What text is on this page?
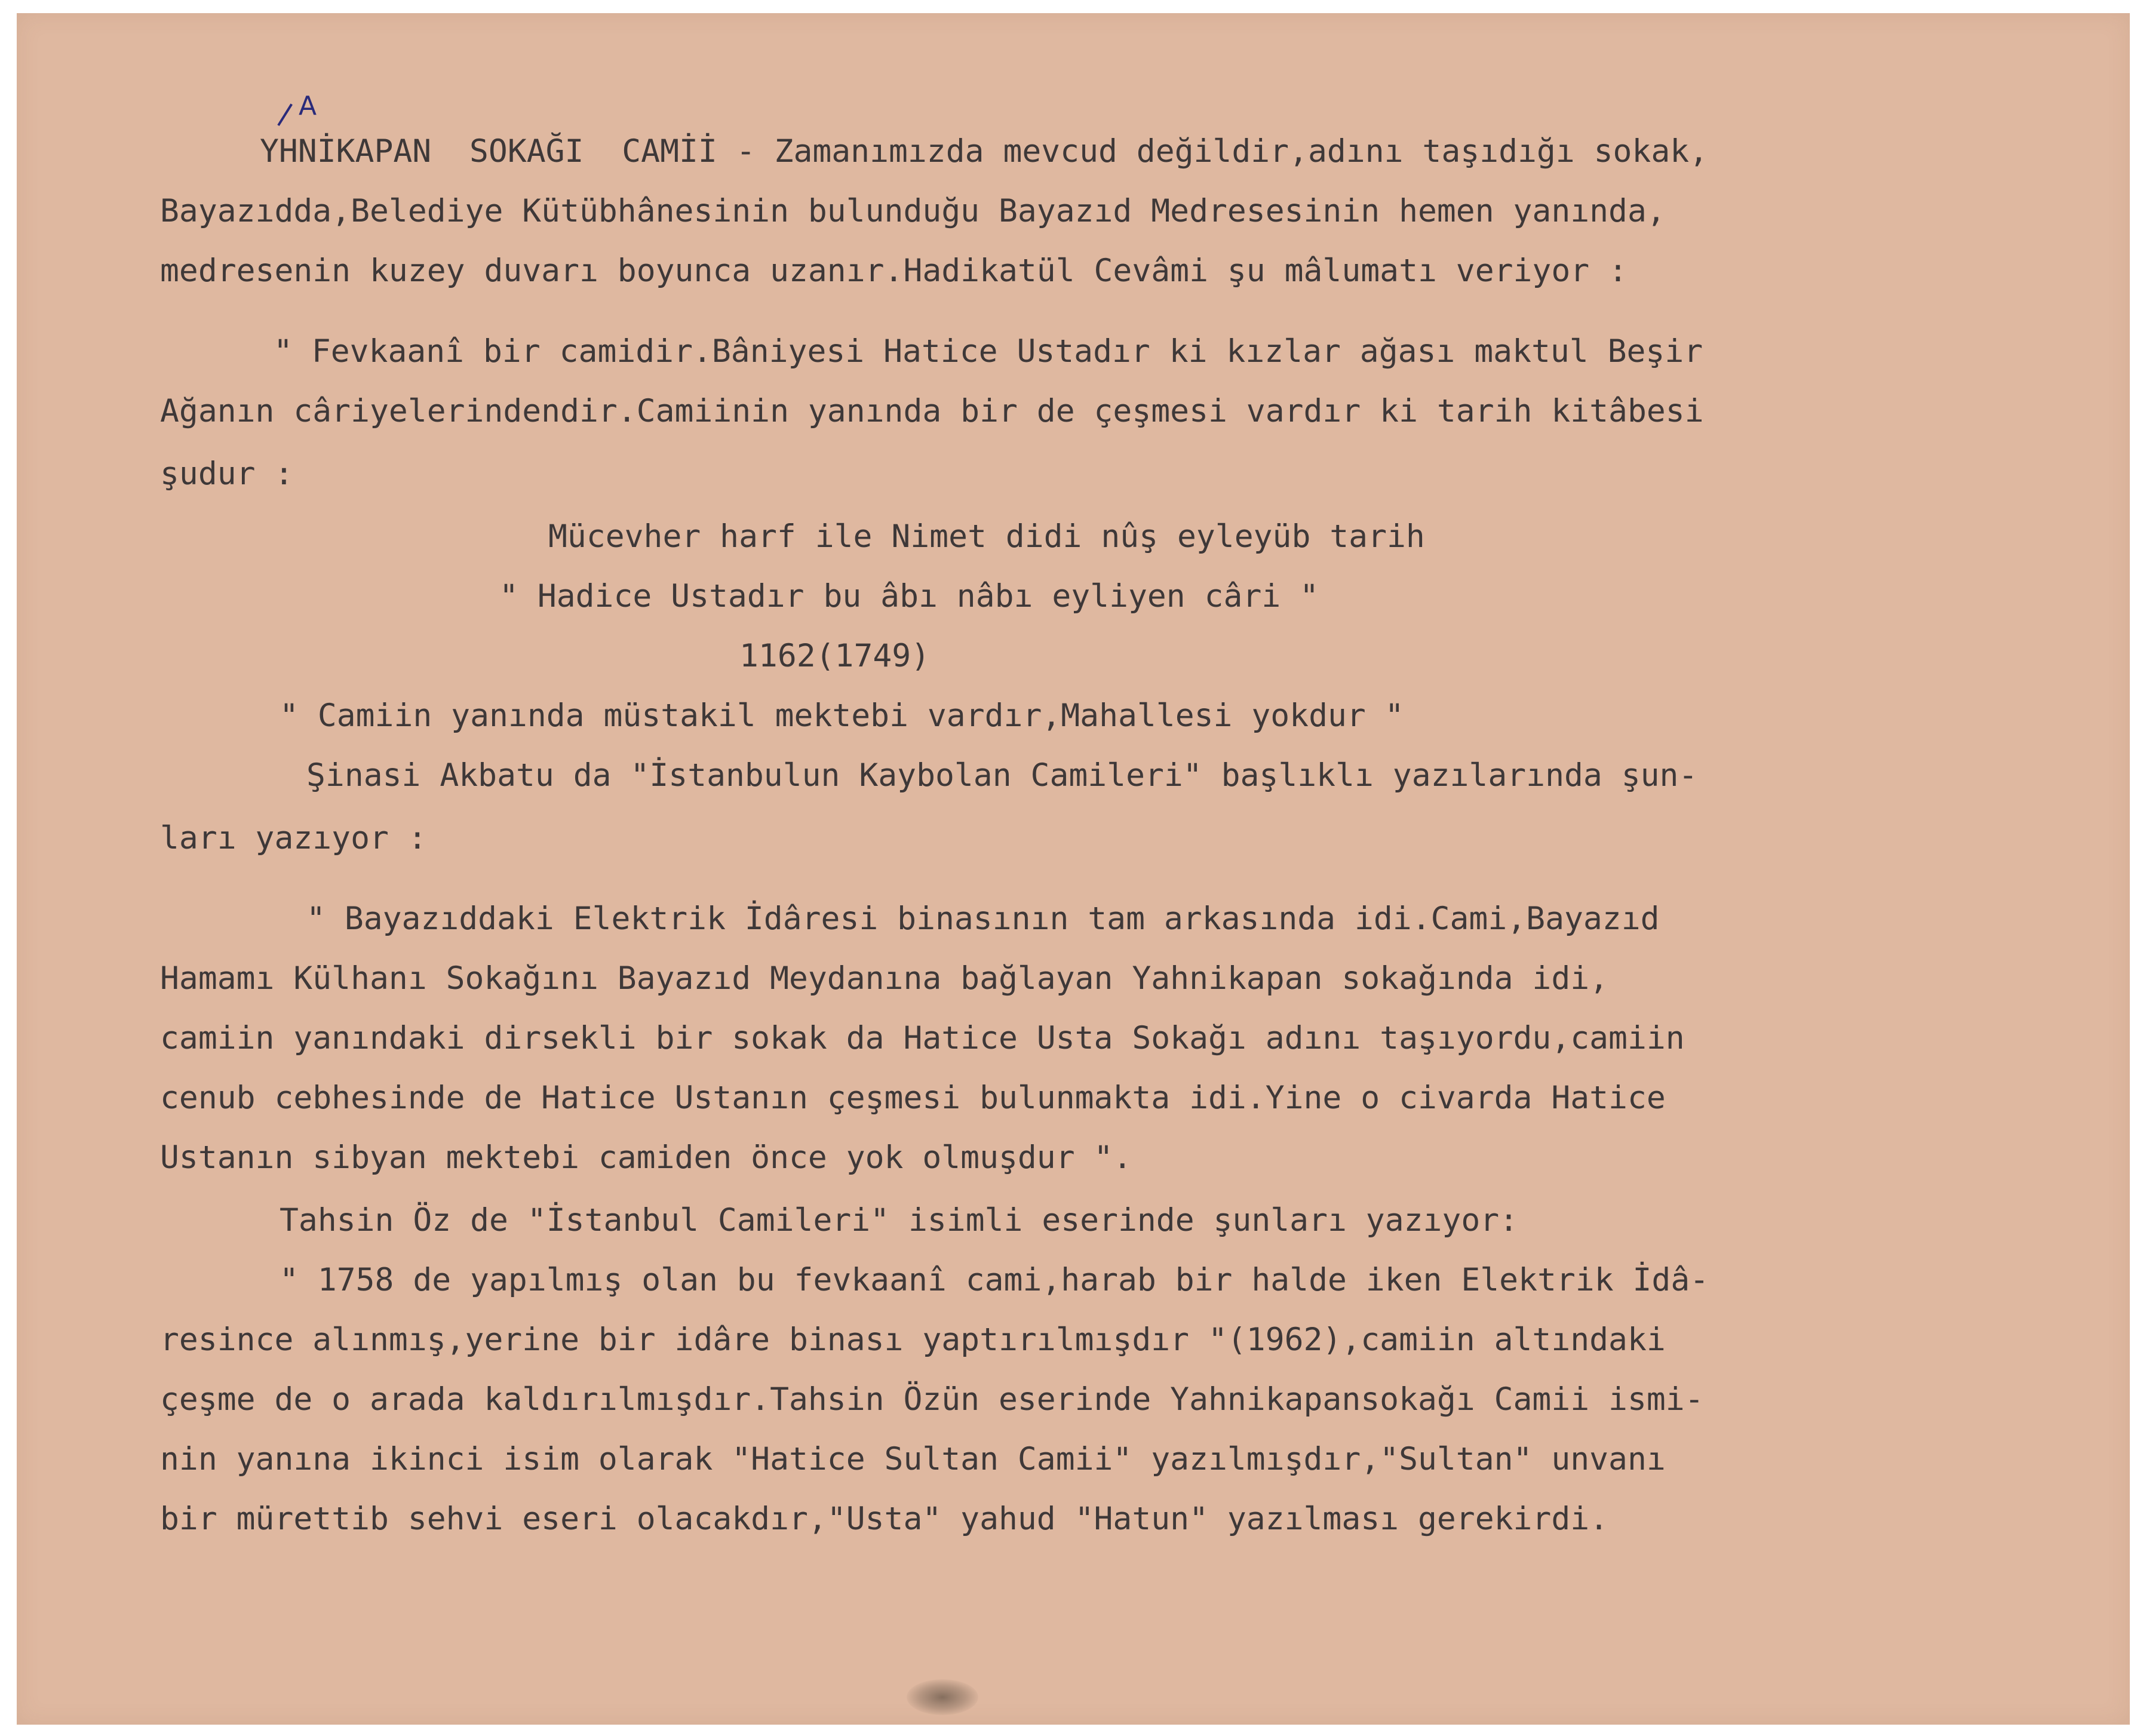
A
YHNİKAPAN  SOKAĞI  CAMİİ - Zamanımızda mevcud değildir,adını taşıdığı sokak,
Bayazıdda,Belediye Kütübhânesinin bulunduğu Bayazıd Medresesinin hemen yanında,
medresenin kuzey duvarı boyunca uzanır.Hadikatül Cevâmi şu mâlumatı veriyor :
" Fevkaanî bir camidir.Bâniyesi Hatice Ustadır ki kızlar ağası maktul Beşir
Ağanın câriyelerindendir.Camiinin yanında bir de çeşmesi vardır ki tarih kitâbesi
şudur :
Mücevher harf ile Nimet didi nûş eyleyüb tarih
" Hadice Ustadır bu âbı nâbı eyliyen câri "
1162(1749)
" Camiin yanında müstakil mektebi vardır,Mahallesi yokdur "
Şinasi Akbatu da "İstanbulun Kaybolan Camileri" başlıklı yazılarında şun-
ları yazıyor :
" Bayazıddaki Elektrik İdâresi binasının tam arkasında idi.Cami,Bayazıd
Hamamı Külhanı Sokağını Bayazıd Meydanına bağlayan Yahnikapan sokağında idi,
camiin yanındaki dirsekli bir sokak da Hatice Usta Sokağı adını taşıyordu,camiin
cenub cebhesinde de Hatice Ustanın çeşmesi bulunmakta idi.Yine o civarda Hatice
Ustanın sibyan mektebi camiden önce yok olmuşdur ".
Tahsin Öz de "İstanbul Camileri" isimli eserinde şunları yazıyor:
" 1758 de yapılmış olan bu fevkaanî cami,harab bir halde iken Elektrik İdâ-
resince alınmış,yerine bir idâre binası yaptırılmışdır "(1962),camiin altındaki
çeşme de o arada kaldırılmışdır.Tahsin Özün eserinde Yahnikapansokağı Camii ismi-
nin yanına ikinci isim olarak "Hatice Sultan Camii" yazılmışdır,"Sultan" unvanı
bir mürettib sehvi eseri olacakdır,"Usta" yahud "Hatun" yazılması gerekirdi.
